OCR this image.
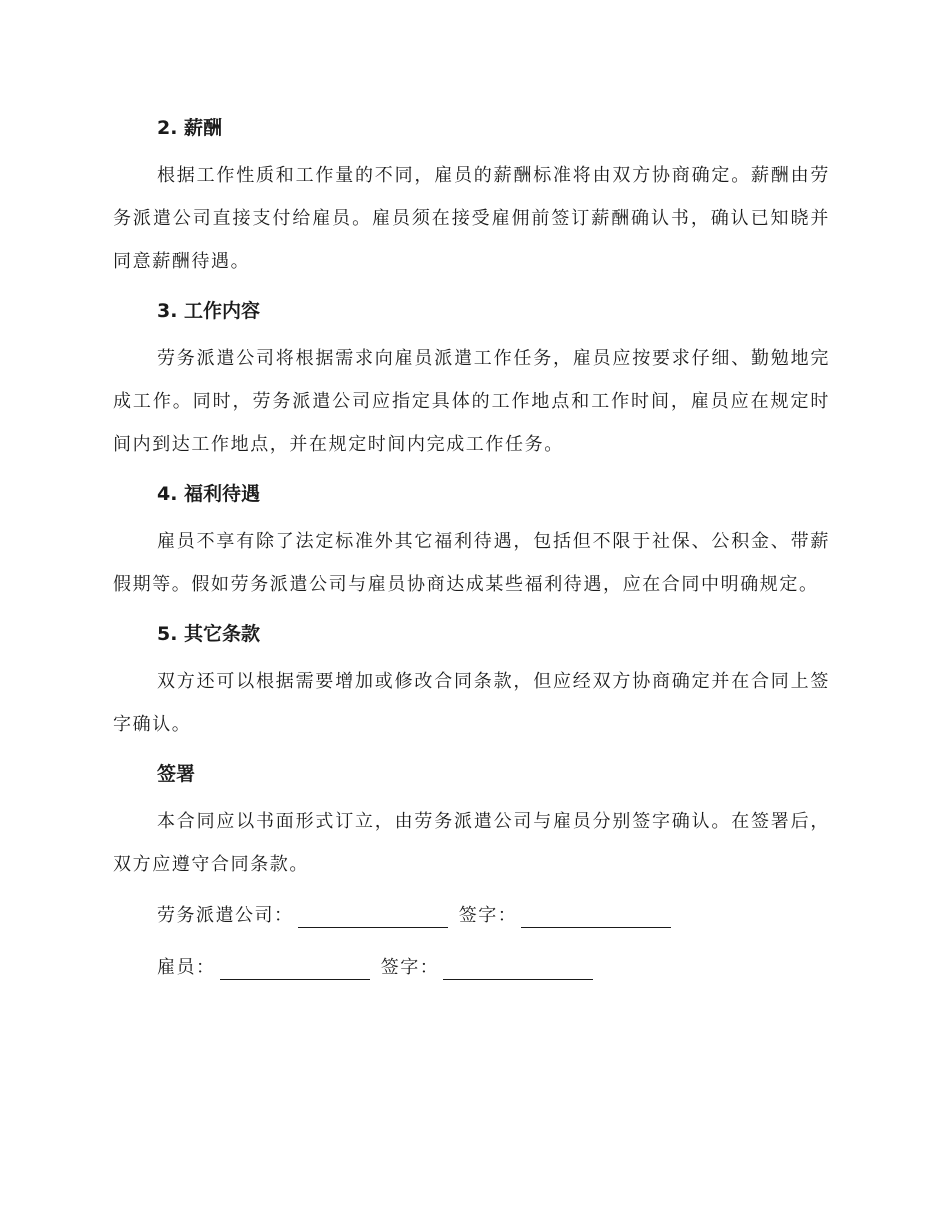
2. 薪酬
根据工作性质和工作量的不同，雇员的薪酬标准将由双方协商确定。薪酬由劳务派遣公司直接支付给雇员。雇员须在接受雇佣前签订薪酬确认书，确认已知晓并同意薪酬待遇。
3. 工作内容
劳务派遣公司将根据需求向雇员派遣工作任务，雇员应按要求仔细、勤勉地完成工作。同时，劳务派遣公司应指定具体的工作地点和工作时间，雇员应在规定时间内到达工作地点，并在规定时间内完成工作任务。
4. 福利待遇
雇员不享有除了法定标准外其它福利待遇，包括但不限于社保、公积金、带薪假期等。假如劳务派遣公司与雇员协商达成某些福利待遇，应在合同中明确规定。
5. 其它条款
双方还可以根据需要增加或修改合同条款，但应经双方协商确定并在合同上签字确认。
签署
本合同应以书面形式订立，由劳务派遣公司与雇员分别签字确认。在签署后，双方应遵守合同条款。
劳务派遣公司：	签字：
雇员：	签字：
